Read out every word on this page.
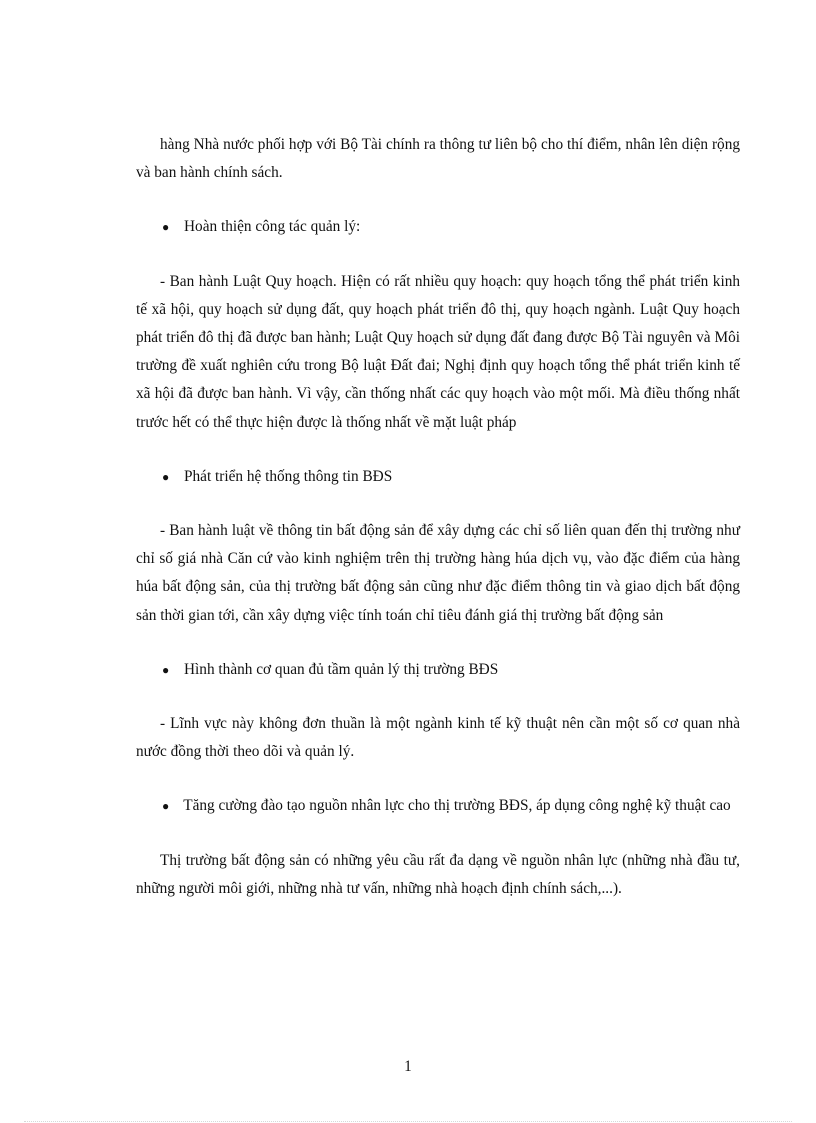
hàng Nhà nước phối hợp với Bộ Tài chính ra thông tư liên bộ cho thí điểm, nhân lên diện rộng và ban hành chính sách.

● Hoàn thiện công tác quản lý:

- Ban hành Luật Quy hoạch. Hiện có rất nhiều quy hoạch: quy hoạch tổng thể phát triển kinh tế xã hội, quy hoạch sử dụng đất, quy hoạch phát triển đô thị, quy hoạch ngành. Luật Quy hoạch phát triển đô thị đã được ban hành; Luật Quy hoạch sử dụng đất đang được Bộ Tài nguyên và Môi trường đề xuất nghiên cứu trong Bộ luật Đất đai; Nghị định quy hoạch tổng thể phát triển kinh tế xã hội đã được ban hành. Vì vậy, cần thống nhất các quy hoạch vào một mối. Mà điều thống nhất trước hết có thể thực hiện được là thống nhất về mặt luật pháp

● Phát triển hệ thống thông tin BĐS

- Ban hành luật về thông tin bất động sản để xây dựng các chỉ số liên quan đến thị trường như chỉ số giá nhà Căn cứ vào kinh nghiệm trên thị trường hàng húa dịch vụ, vào đặc điểm của hàng húa bất động sản, của thị trường bất động sản cũng như đặc điểm thông tin và giao dịch bất động sản thời gian tới, cần xây dựng việc tính toán chỉ tiêu đánh giá thị trường bất động sản

● Hình thành cơ quan đủ tầm quản lý thị trường BĐS

- Lĩnh vực này không đơn thuần là một ngành kinh tế kỹ thuật nên cần một số cơ quan nhà nước đồng thời theo dõi và quản lý.

● Tăng cường đào tạo nguồn nhân lực cho thị trường BĐS, áp dụng công nghệ kỹ thuật cao

Thị trường bất động sản có những yêu cầu rất đa dạng về nguồn nhân lực (những nhà đầu tư, những người môi giới, những nhà tư vấn, những nhà hoạch định chính sách,...).

1
